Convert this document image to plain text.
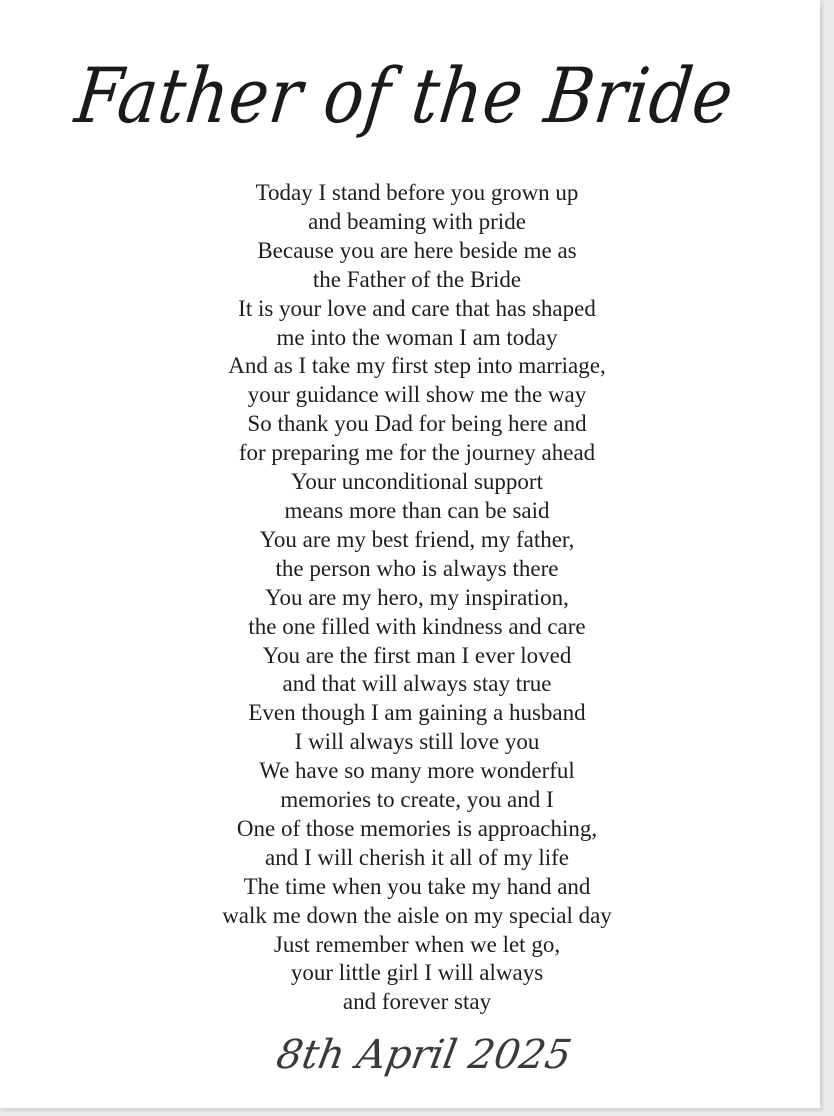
Father of the Bride
Today I stand before you grown up
and beaming with pride
Because you are here beside me as
the Father of the Bride
It is your love and care that has shaped
me into the woman I am today
And as I take my first step into marriage,
your guidance will show me the way
So thank you Dad for being here and
for preparing me for the journey ahead
Your unconditional support
means more than can be said
You are my best friend, my father,
the person who is always there
You are my hero, my inspiration,
the one filled with kindness and care
You are the first man I ever loved
and that will always stay true
Even though I am gaining a husband
I will always still love you
We have so many more wonderful
memories to create, you and I
One of those memories is approaching,
and I will cherish it all of my life
The time when you take my hand and
walk me down the aisle on my special day
Just remember when we let go,
your little girl I will always
and forever stay
8th April 2025
